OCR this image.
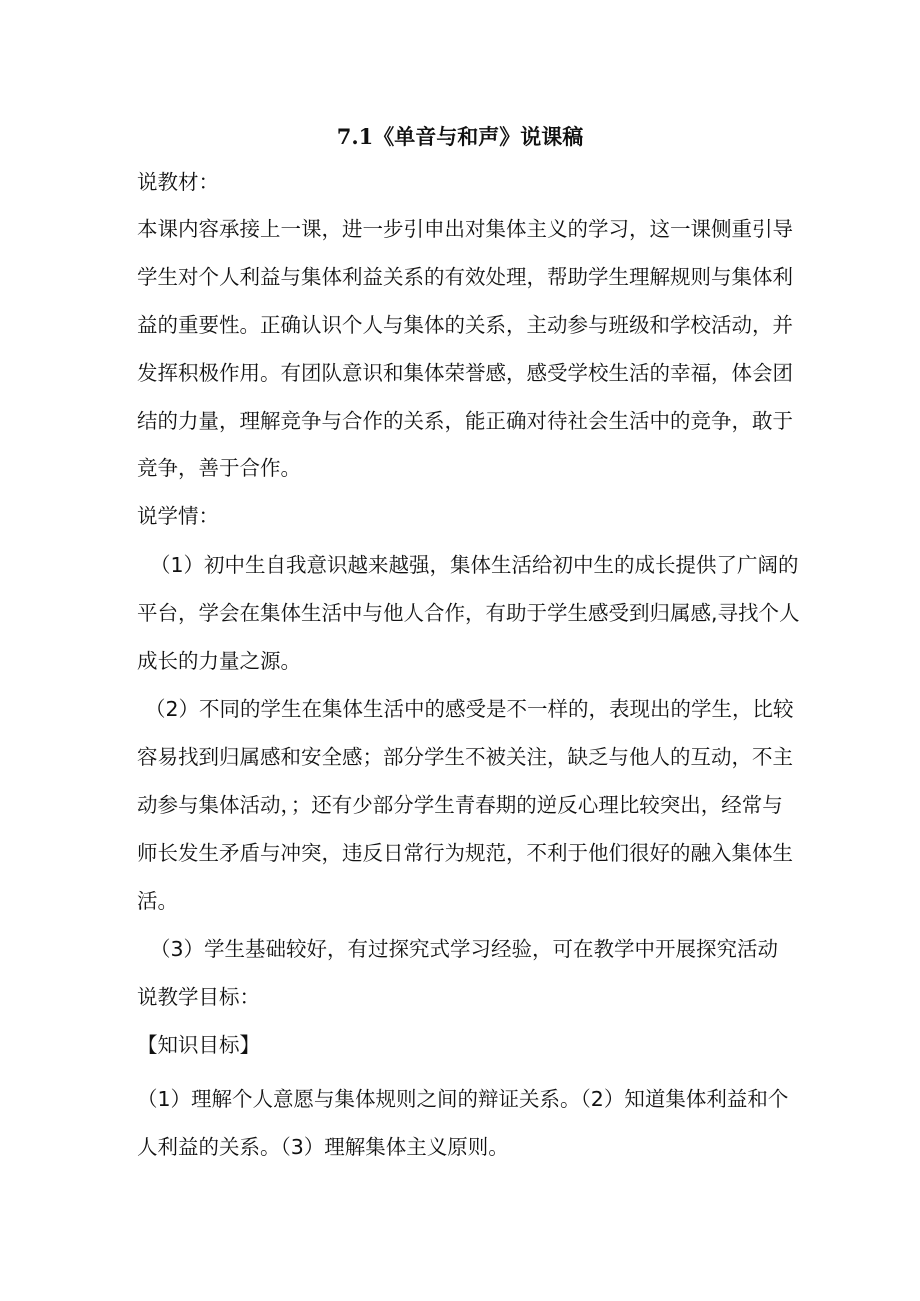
7.1《单音与和声》说课稿
说教材：
本课内容承接上一课，进一步引申出对集体主义的学习，这一课侧重引导
学生对个人利益与集体利益关系的有效处理，帮助学生理解规则与集体利
益的重要性。正确认识个人与集体的关系，主动参与班级和学校活动，并
发挥积极作用。有团队意识和集体荣誉感，感受学校生活的幸福，体会团
结的力量，理解竞争与合作的关系，能正确对待社会生活中的竞争，敢于
竞争，善于合作。
说学情：
（1）初中生自我意识越来越强，集体生活给初中生的成长提供了广阔的
平台，学会在集体生活中与他人合作，有助于学生感受到归属感,寻找个人
成长的力量之源。
（2）不同的学生在集体生活中的感受是不一样的，表现出的学生，比较
容易找到归属感和安全感；部分学生不被关注，缺乏与他人的互动，不主
动参与集体活动，；还有少部分学生青春期的逆反心理比较突出，经常与
师长发生矛盾与冲突，违反日常行为规范，不利于他们很好的融入集体生
活。
（3）学生基础较好，有过探究式学习经验，可在教学中开展探究活动
说教学目标：
【知识目标】
（1）理解个人意愿与集体规则之间的辩证关系。（2）知道集体利益和个
人利益的关系。（3）理解集体主义原则。
